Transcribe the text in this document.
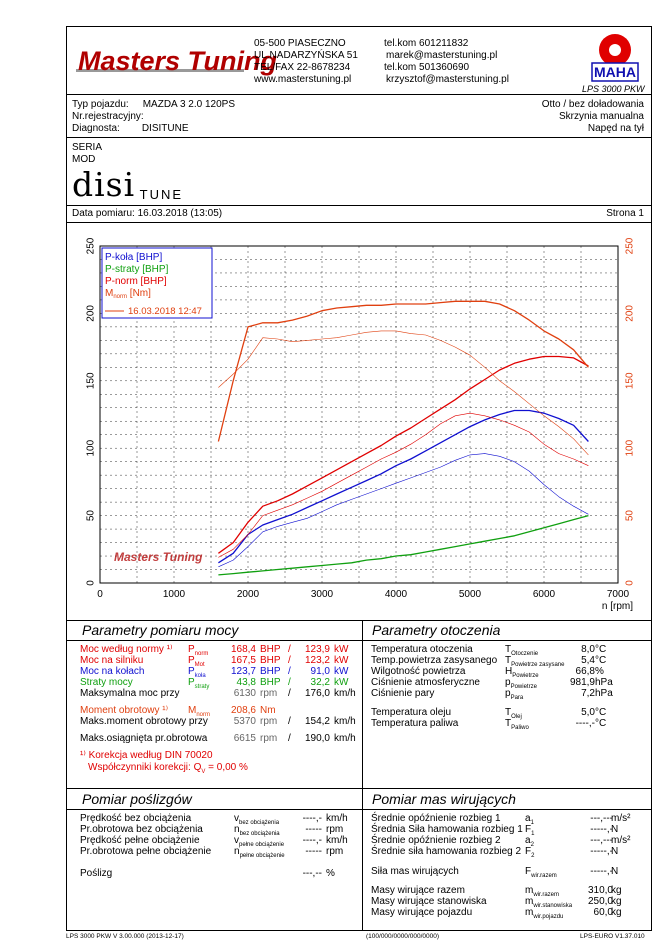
Masters Tuning
05-500 PIASECZNO
UL.NADARZYŃSKA 51
TEL/FAX 22-8678234
www.masterstuning.pl
tel.kom 601211832
marek@masterstuning.pl
tel.kom 501360690
krzysztof@masterstuning.pl	MAHA
LPS 3000 PKW
Typ pojazdu: MAZDA 3 2.0 120PS
Nr.rejestracyjny:
Diagnosta: DISITUNE
Otto / bez doładowania
Skrzynia manualna
Napęd na tył
SERIA
MOD
disi TUNE
Data pomiaru: 16.03.2018 (13:05)	Strona 1
0	1000	2000	3000	4000	5000	6000	7000
0
50
100
150
200
250
0
50
100
150
200
250
n [rpm]
Masters Tuning
P-koła [BHP]
P-straty [BHP]
P-norm [BHP]
$M_{norm}$ [Nm]
16.03.2018 12:47
Parametry pomiaru mocy	Parametry otoczenia
Moc według normy ¹⁾ $P_{norm}$ 168,4 BHP / 123,9 kW
Moc na silniku	$P_{Mot}$	167,5 BHP / 123,2 kW
Moc na kołach	$P_{koła}$	123,7 BHP / 91,0 kW
Straty mocy	$P_{straty}$	43,8 BHP / 32,2 kW
Maksymalna moc przy	6130 rpm / 176,0 km/h
Moment obrotowy ¹⁾ $M_{norm}$ 208,6 Nm
Maks.moment obrotowy przy	5370 rpm / 154,2 km/h
Maks.osiągnięta pr.obrotowa	6615 rpm / 190,0 km/h
¹⁾ Korekcja według DIN 70020
Współczynniki korekcji: $Q_V = 0,00$ %
Temperatura otoczenia	$T_{Otoczenie}$	8,0 °C
Temp.powietrza zasysanego $T_{Powietrze zasysane}$ 5,4 °C
Wilgotność powietrza	$H_{Powietrze}$	66,8 %
Ciśnienie atmosferyczne	$p_{Powietrze}$	981,9 hPa
Ciśnienie pary	$p_{Para}$	7,2 hPa
Temperatura oleju	$T_{Olej}$	5,0 °C
Temperatura paliwa	$T_{Paliwo}$	----,- °C
Pomiar poślizgów	Pomiar mas wirujących
Prędkość bez obciążenia	$v_{bez obciążenia}$ ----,- km/h
Pr.obrotowa bez obciążenia	$n_{bez obciążenia}$	----- rpm
Prędkość pełne obciążenie	$v_{pełne obciążenie}$ ----,- km/h
Pr.obrotowa pełne obciążenie $n_{pełne obciążenie}$ ----- rpm
Poślizg	---,-- %
Średnie opóźnienie rozbieg 1 $a_1$	---,---
m/s²
Średnia Siła hamowania rozbieg 1 $F_1$	-----,-
N
Średnie opóźnienie rozbieg 2 $a_2$	---,---
m/s²
Średnie siła hamowania rozbieg 2 $F_2$	-----,-
N
Siła mas wirujących	$F_{wir.razem}$	-----,-
N
Masy wirujące razem	$m_{wir.razem}$	310,0
kg
Masy wirujące stanowiska	$m_{wir.stanowiska}$ 250,0
kg
Masy wirujące pojazdu	$m_{wir.pojazdu}$	60,0
kg
LPS 3000 PKW V 3.00.000 (2013-12-17)	(100/000/0000/000/0000)	LPS-EURO V1.37.010
